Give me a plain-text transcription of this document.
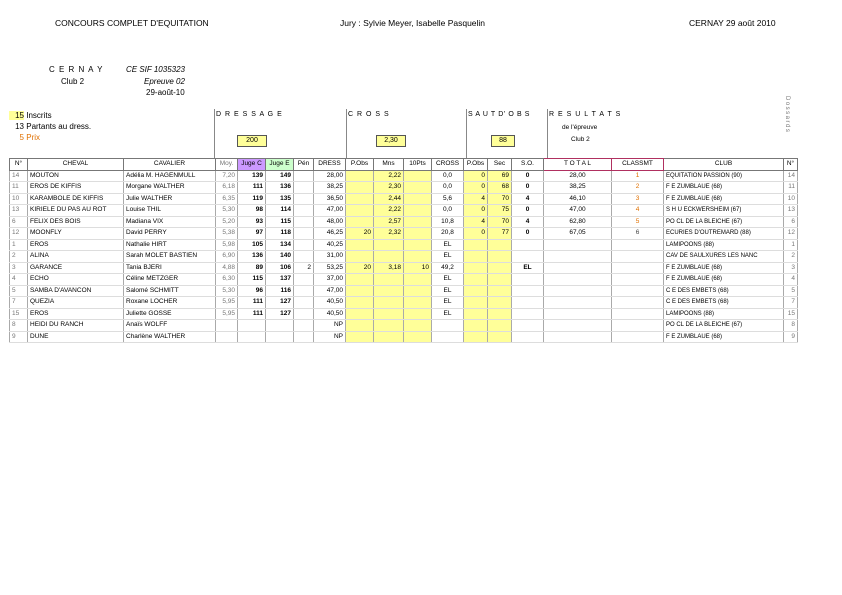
CONCOURS COMPLET D'EQUITATION	Jury : Sylvie Meyer, Isabelle Pasquelin	CERNAY 29 août 2010
C E R N A Y
Club 2
CE SIF 1035323
Epreuve 02
29-août-10
15 Inscrits
13 Partants au dress.
5 Prix
D R E S S A G E	C R O S S	S A U T D' O B S	R E S U L T A T S
de l'épreuve
Club 2
Dossards
200	2,30	88
N°	CHEVAL	CAVALIER	Moy.	Juge C	Juge E	Pén	DRESS	P.Obs	Mns	10Pts	CROSS	P.Obs	Sec	S.O.	T O T A L	CLASSMT	CLUB	N°
14	MOUTON	Adélia M. HAGENMULL	7,20	139	149		28,00		2,22		0,0	0	69	0	28,00	1	EQUITATION PASSION (90)	14
11	EROS DE KIFFIS	Morgane WALTHER	6,18	111	136		38,25		2,30		0,0	0	68	0	38,25	2	F E ZUMBLAUE (68)	11
10	KARAMBOLE DE KIFFIS	Julie WALTHER	6,35	119	135		36,50		2,44		5,6	4	70	4	46,10	3	F E ZUMBLAUE (68)	10
13	KIRIELE DU PAS AU ROT	Louise THIL	5,30	98	114		47,00		2,22		0,0	0	75	0	47,00	4	S H U ECKWERSHEIM (67)	13
6	FELIX DES BOIS	Madiana VIX	5,20	93	115		48,00		2,57		10,8	4	70	4	62,80	5	PO CL DE LA BLEICHE (67)	6
12	MOONFLY	David PERRY	5,38	97	118		46,25	20	2,32		20,8	0	77	0	67,05	6	ECURIES D'OUTREMARD (88)	12
1	EROS	Nathalie HIRT	5,98	105	134		40,25				EL						LAMIPOONS (88)	1
2	ALINA	Sarah MOLET BASTIEN	6,90	136	140		31,00				EL						CAV DE SAULXURES LES NANC	2
3	GARANCE	Tania BJERI	4,88	89	106	2	53,25	20	3,18	10	49,2			EL			F E ZUMBLAUE (68)	3
4	ECHO	Céline METZGER	6,30	115	137		37,00				EL						F E ZUMBLAUE (68)	4
5	SAMBA D'AVANCON	Salomé SCHMITT	5,30	96	116		47,00				EL						C E DES EMBETS (68)	5
7	QUEZIA	Roxane LOCHER	5,95	111	127		40,50				EL						C E DES EMBETS (68)	7
15	EROS	Juliette GOSSE	5,95	111	127		40,50				EL						LAMIPOONS (88)	15
8	HEIDI DU RANCH	Anaïs WOLFF					NP										PO CL DE LA BLEICHE (67)	8
9	DUNE	Charlène WALTHER					NP										F E ZUMBLAUE (68)	9
